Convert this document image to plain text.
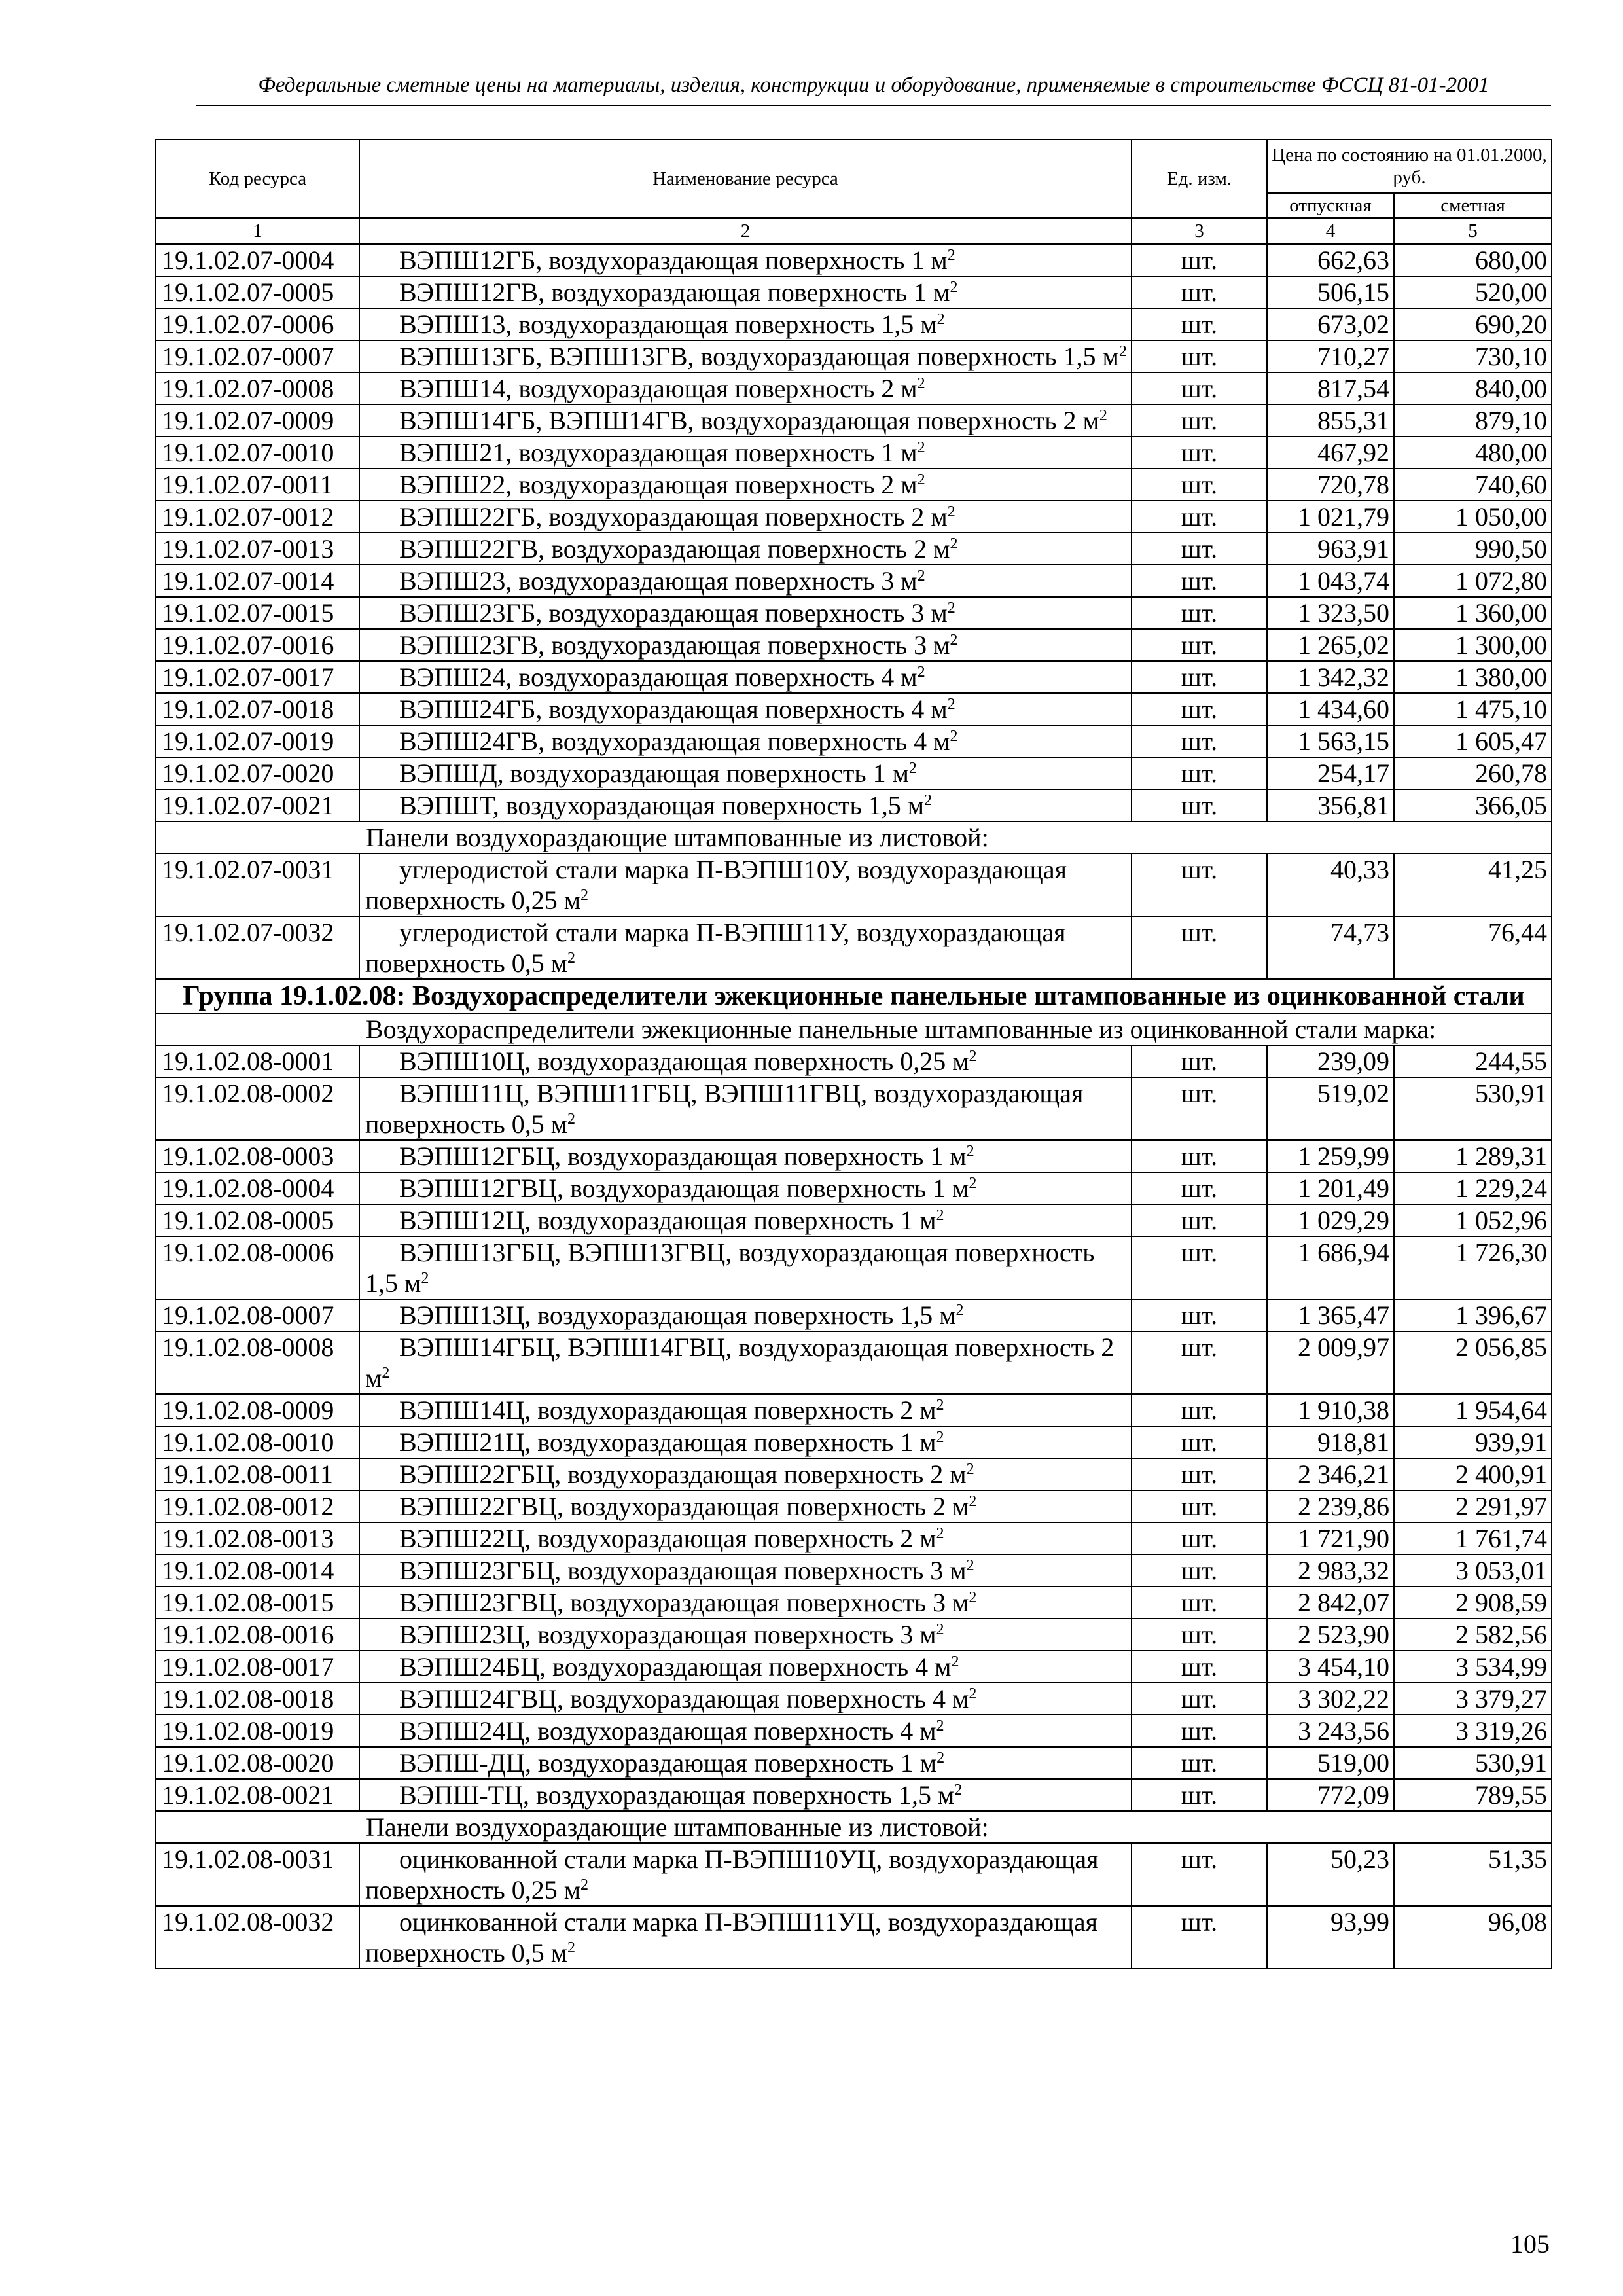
Федеральные сметные цены на материалы, изделия, конструкции и оборудование, применяемые в строительстве ФССЦ 81-01-2001
Код ресурса	Наименование ресурса	Ед. изм.	Цена по состоянию на 01.01.2000, руб.	
			отпускная	сметная
1	2	3	4	5
19.1.02.07-0004	ВЭПШ12ГБ, воздухораздающая поверхность 1 $м^2$	шт.	662,63	680,00
19.1.02.07-0005	ВЭПШ12ГВ, воздухораздающая поверхность 1 $м^2$	шт.	506,15	520,00
19.1.02.07-0006	ВЭПШ13, воздухораздающая поверхность 1,5 $м^2$	шт.	673,02	690,20
19.1.02.07-0007	ВЭПШ13ГБ, ВЭПШ13ГВ, воздухораздающая поверхность 1,5 $м^2$	шт.	710,27	730,10
19.1.02.07-0008	ВЭПШ14, воздухораздающая поверхность 2 $м^2$	шт.	817,54	840,00
19.1.02.07-0009	ВЭПШ14ГБ, ВЭПШ14ГВ, воздухораздающая поверхность 2 $м^2$	шт.	855,31	879,10
19.1.02.07-0010	ВЭПШ21, воздухораздающая поверхность 1 $м^2$	шт.	467,92	480,00
19.1.02.07-0011	ВЭПШ22, воздухораздающая поверхность 2 $м^2$	шт.	720,78	740,60
19.1.02.07-0012	ВЭПШ22ГБ, воздухораздающая поверхность 2 $м^2$	шт.	1 021,79	1 050,00
19.1.02.07-0013	ВЭПШ22ГВ, воздухораздающая поверхность 2 $м^2$	шт.	963,91	990,50
19.1.02.07-0014	ВЭПШ23, воздухораздающая поверхность 3 $м^2$	шт.	1 043,74	1 072,80
19.1.02.07-0015	ВЭПШ23ГБ, воздухораздающая поверхность 3 $м^2$	шт.	1 323,50	1 360,00
19.1.02.07-0016	ВЭПШ23ГВ, воздухораздающая поверхность 3 $м^2$	шт.	1 265,02	1 300,00
19.1.02.07-0017	ВЭПШ24, воздухораздающая поверхность 4 $м^2$	шт.	1 342,32	1 380,00
19.1.02.07-0018	ВЭПШ24ГБ, воздухораздающая поверхность 4 $м^2$	шт.	1 434,60	1 475,10
19.1.02.07-0019	ВЭПШ24ГВ, воздухораздающая поверхность 4 $м^2$	шт.	1 563,15	1 605,47
19.1.02.07-0020	ВЭПШД, воздухораздающая поверхность 1 $м^2$	шт.	254,17	260,78
19.1.02.07-0021	ВЭПШТ, воздухораздающая поверхность 1,5 $м^2$	шт.	356,81	366,05
Панели воздухораздающие штампованные из листовой:				
19.1.02.07-0031	углеродистой стали марка П-ВЭПШ10У, воздухораздающая поверхность 0,25 $м^2$	шт.	40,33	41,25
19.1.02.07-0032	углеродистой стали марка П-ВЭПШ11У, воздухораздающая поверхность 0,5 $м^2$	шт.	74,73	76,44
Группа 19.1.02.08: Воздухораспределители эжекционные панельные штампованные из оцинкованной стали				
Воздухораспределители эжекционные панельные штампованные из оцинкованной стали марка:				
19.1.02.08-0001	ВЭПШ10Ц, воздухораздающая поверхность 0,25 $м^2$	шт.	239,09	244,55
19.1.02.08-0002	ВЭПШ11Ц, ВЭПШ11ГБЦ, ВЭПШ11ГВЦ, воздухораздающая поверхность 0,5 $м^2$	шт.	519,02	530,91
19.1.02.08-0003	ВЭПШ12ГБЦ, воздухораздающая поверхность 1 $м^2$	шт.	1 259,99	1 289,31
19.1.02.08-0004	ВЭПШ12ГВЦ, воздухораздающая поверхность 1 $м^2$	шт.	1 201,49	1 229,24
19.1.02.08-0005	ВЭПШ12Ц, воздухораздающая поверхность 1 $м^2$	шт.	1 029,29	1 052,96
19.1.02.08-0006	ВЭПШ13ГБЦ, ВЭПШ13ГВЦ, воздухораздающая поверхность 1,5 $м^2$	шт.	1 686,94	1 726,30
19.1.02.08-0007	ВЭПШ13Ц, воздухораздающая поверхность 1,5 $м^2$	шт.	1 365,47	1 396,67
19.1.02.08-0008	ВЭПШ14ГБЦ, ВЭПШ14ГВЦ, воздухораздающая поверхность 2 $м^2$	шт.	2 009,97	2 056,85
19.1.02.08-0009	ВЭПШ14Ц, воздухораздающая поверхность 2 $м^2$	шт.	1 910,38	1 954,64
19.1.02.08-0010	ВЭПШ21Ц, воздухораздающая поверхность 1 $м^2$	шт.	918,81	939,91
19.1.02.08-0011	ВЭПШ22ГБЦ, воздухораздающая поверхность 2 $м^2$	шт.	2 346,21	2 400,91
19.1.02.08-0012	ВЭПШ22ГВЦ, воздухораздающая поверхность 2 $м^2$	шт.	2 239,86	2 291,97
19.1.02.08-0013	ВЭПШ22Ц, воздухораздающая поверхность 2 $м^2$	шт.	1 721,90	1 761,74
19.1.02.08-0014	ВЭПШ23ГБЦ, воздухораздающая поверхность 3 $м^2$	шт.	2 983,32	3 053,01
19.1.02.08-0015	ВЭПШ23ГВЦ, воздухораздающая поверхность 3 $м^2$	шт.	2 842,07	2 908,59
19.1.02.08-0016	ВЭПШ23Ц, воздухораздающая поверхность 3 $м^2$	шт.	2 523,90	2 582,56
19.1.02.08-0017	ВЭПШ24БЦ, воздухораздающая поверхность 4 $м^2$	шт.	3 454,10	3 534,99
19.1.02.08-0018	ВЭПШ24ГВЦ, воздухораздающая поверхность 4 $м^2$	шт.	3 302,22	3 379,27
19.1.02.08-0019	ВЭПШ24Ц, воздухораздающая поверхность 4 $м^2$	шт.	3 243,56	3 319,26
19.1.02.08-0020	ВЭПШ-ДЦ, воздухораздающая поверхность 1 $м^2$	шт.	519,00	530,91
19.1.02.08-0021	ВЭПШ-ТЦ, воздухораздающая поверхность 1,5 $м^2$	шт.	772,09	789,55
Панели воздухораздающие штампованные из листовой:				
19.1.02.08-0031	оцинкованной стали марка П-ВЭПШ10УЦ, воздухораздающая поверхность 0,25 $м^2$	шт.	50,23	51,35
19.1.02.08-0032	оцинкованной стали марка П-ВЭПШ11УЦ, воздухораздающая поверхность 0,5 $м^2$	шт.	93,99	96,08
105
